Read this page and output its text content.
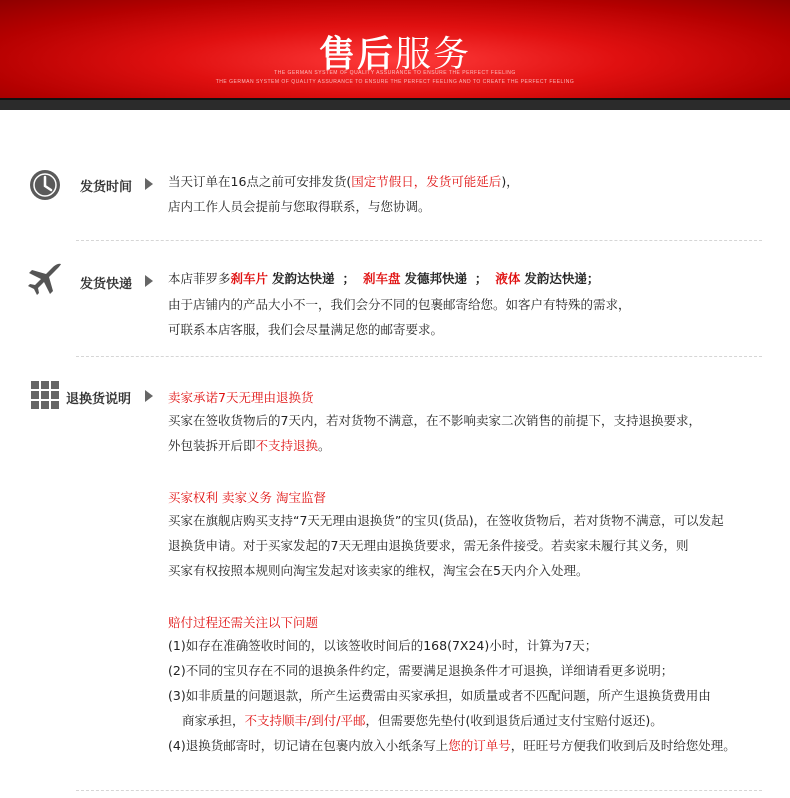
售后服务
THE GERMAN SYSTEM OF QUALITY ASSURANCE TO ENSURE THE PERFECT FEELING
THE GERMAN SYSTEM OF QUALITY ASSURANCE TO ENSURE THE PERFECT FEELING AND TO CREATE THE PERFECT FEELING
发货时间	当天订单在16点之前可安排发货(国定节假日，发货可能延后)，
店内工作人员会提前与您取得联系，与您协调。
发货快递	本店菲罗多刹车片 发韵达快递 ； 刹车盘 发德邦快递 ； 液体 发韵达快递；
由于店铺内的产品大小不一，我们会分不同的包裹邮寄给您。如客户有特殊的需求，
可联系本店客服，我们会尽量满足您的邮寄要求。
退换货说明	卖家承诺7天无理由退换货
买家在签收货物后的7天内，若对货物不满意，在不影响卖家二次销售的前提下，支持退换要求，
外包装拆开后即不支持退换。
买家权利 卖家义务 淘宝监督
买家在旗舰店购买支持“7天无理由退换货”的宝贝(货品)，在签收货物后，若对货物不满意，可以发起
退换货申请。对于买家发起的7天无理由退换货要求，需无条件接受。若卖家未履行其义务，则
买家有权按照本规则向淘宝发起对该卖家的维权，淘宝会在5天内介入处理。
赔付过程还需关注以下问题
(1)如存在准确签收时间的，以该签收时间后的168(7X24)小时，计算为7天；
(2)不同的宝贝存在不同的退换条件约定，需要满足退换条件才可退换，详细请看更多说明；
(3)如非质量的问题退款，所产生运费需由买家承担，如质量或者不匹配问题，所产生退换货费用由
商家承担，不支持顺丰/到付/平邮，但需要您先垫付(收到退货后通过支付宝赔付返还)。
(4)退换货邮寄时，切记请在包裹内放入小纸条写上您的订单号，旺旺号方便我们收到后及时给您处理。
